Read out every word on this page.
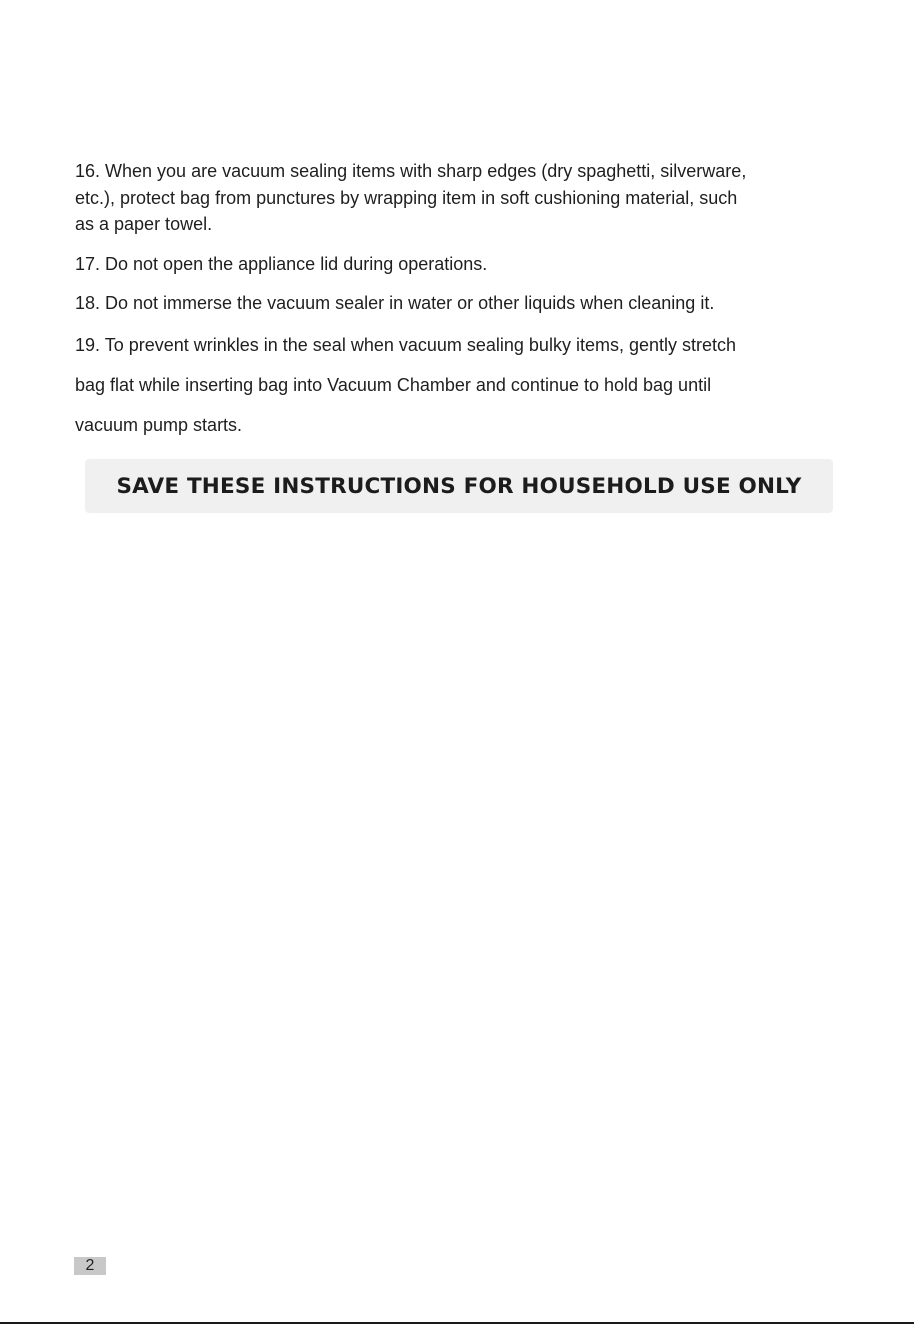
16. When you are vacuum sealing items with sharp edges (dry spaghetti, silverware,
etc.), protect bag from punctures by wrapping item in soft cushioning material, such
as a paper towel.
17. Do not open the appliance lid during operations.
18. Do not immerse the vacuum sealer in water or other liquids when cleaning it.
19. To prevent wrinkles in the seal when vacuum sealing bulky items, gently stretch
bag flat while inserting bag into Vacuum Chamber and continue to hold bag until
vacuum pump starts.
SAVE THESE INSTRUCTIONS FOR HOUSEHOLD USE ONLY
2
